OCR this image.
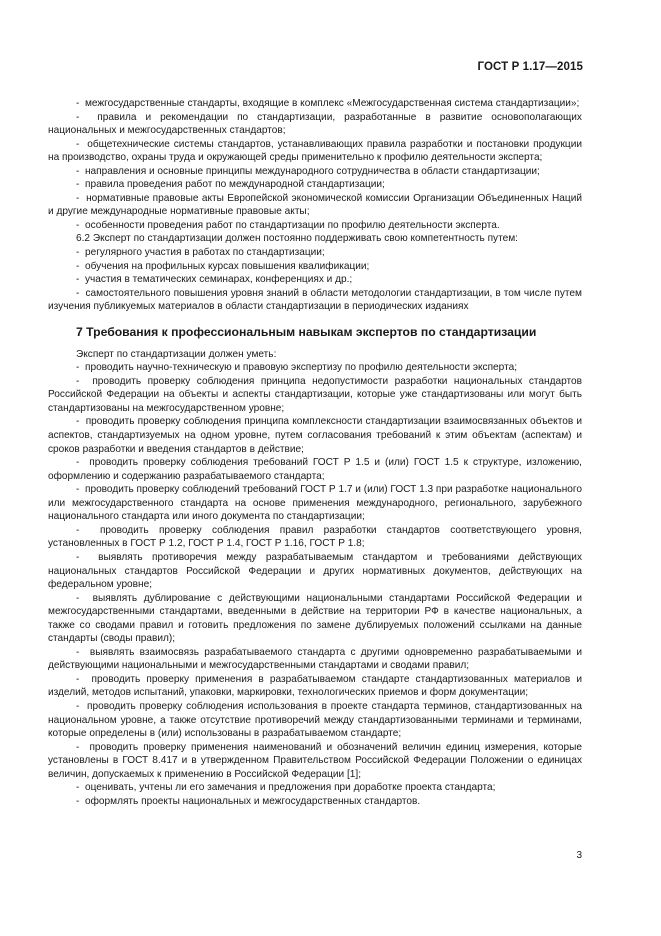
ГОСТ Р 1.17—2015

-  межгосударственные стандарты, входящие в комплекс «Межгосударственная система стандартизации»;

-  правила и рекомендации по стандартизации, разработанные в развитие основополагающих национальных и межгосударственных стандартов;

-  общетехнические системы стандартов, устанавливающих правила разработки и постановки продукции на производство, охраны труда и окружающей среды применительно к профилю деятельности эксперта;

-  направления и основные принципы международного сотрудничества в области стандартизации;

-  правила проведения работ по международной стандартизации;

-  нормативные правовые акты Европейской экономической комиссии Организации Объединенных Наций и другие международные нормативные правовые акты;

-  особенности проведения работ по стандартизации по профилю деятельности эксперта.

6.2 Эксперт по стандартизации должен постоянно поддерживать свою компетентность путем:

-  регулярного участия в работах по стандартизации;

-  обучения на профильных курсах повышения квалификации;

-  участия в тематических семинарах, конференциях и др.;

-  самостоятельного повышения уровня знаний в области методологии стандартизации, в том числе путем изучения публикуемых материалов в области стандартизации в периодических изданиях

7 Требования к профессиональным навыкам экспертов по стандартизации

Эксперт по стандартизации должен уметь:

-  проводить научно-техническую и правовую экспертизу по профилю деятельности эксперта;

-  проводить проверку соблюдения принципа недопустимости разработки национальных стандартов Российской Федерации на объекты и аспекты стандартизации, которые уже стандартизованы или могут быть стандартизованы на межгосударственном уровне;

-  проводить проверку соблюдения принципа комплексности стандартизации взаимосвязанных объектов и аспектов, стандартизуемых на одном уровне, путем согласования требований к этим объектам (аспектам) и сроков разработки и введения стандартов в действие;

-  проводить проверку соблюдения требований ГОСТ Р 1.5 и (или) ГОСТ 1.5 к структуре, изложению, оформлению и содержанию разрабатываемого стандарта;

-  проводить проверку соблюдений требований ГОСТ Р 1.7 и (или) ГОСТ 1.3 при разработке национального или межгосударственного стандарта на основе применения международного, регионального, зарубежного национального стандарта или иного документа по стандартизации;

-  проводить проверку соблюдения правил разработки стандартов соответствующего уровня, установленных в ГОСТ Р 1.2, ГОСТ Р 1.4, ГОСТ Р 1.16, ГОСТ Р 1.8;

-  выявлять противоречия между разрабатываемым стандартом и требованиями действующих национальных стандартов Российской Федерации и других нормативных документов, действующих на федеральном уровне;

-  выявлять дублирование с действующими национальными стандартами Российской Федерации и межгосударственными стандартами, введенными в действие на территории РФ в качестве национальных, а также со сводами правил и готовить предложения по замене дублируемых положений ссылками на данные стандарты (своды правил);

-  выявлять взаимосвязь разрабатываемого стандарта с другими одновременно разрабатываемыми и действующими национальными и межгосударственными стандартами и сводами правил;

-  проводить проверку применения в разрабатываемом стандарте стандартизованных материалов и изделий, методов испытаний, упаковки, маркировки, технологических приемов и форм документации;

-  проводить проверку соблюдения использования в проекте стандарта терминов, стандартизованных на национальном уровне, а также отсутствие противоречий между стандартизованными терминами и терминами, которые определены в (или) использованы в разрабатываемом стандарте;

-  проводить проверку применения наименований и обозначений величин единиц измерения, которые установлены в ГОСТ 8.417 и в утвержденном Правительством Российской Федерации Положении о единицах величин, допускаемых к применению в Российской Федерации [1];

-  оценивать, учтены ли его замечания и предложения при доработке проекта стандарта;

-  оформлять проекты национальных и межгосударственных стандартов.

3
